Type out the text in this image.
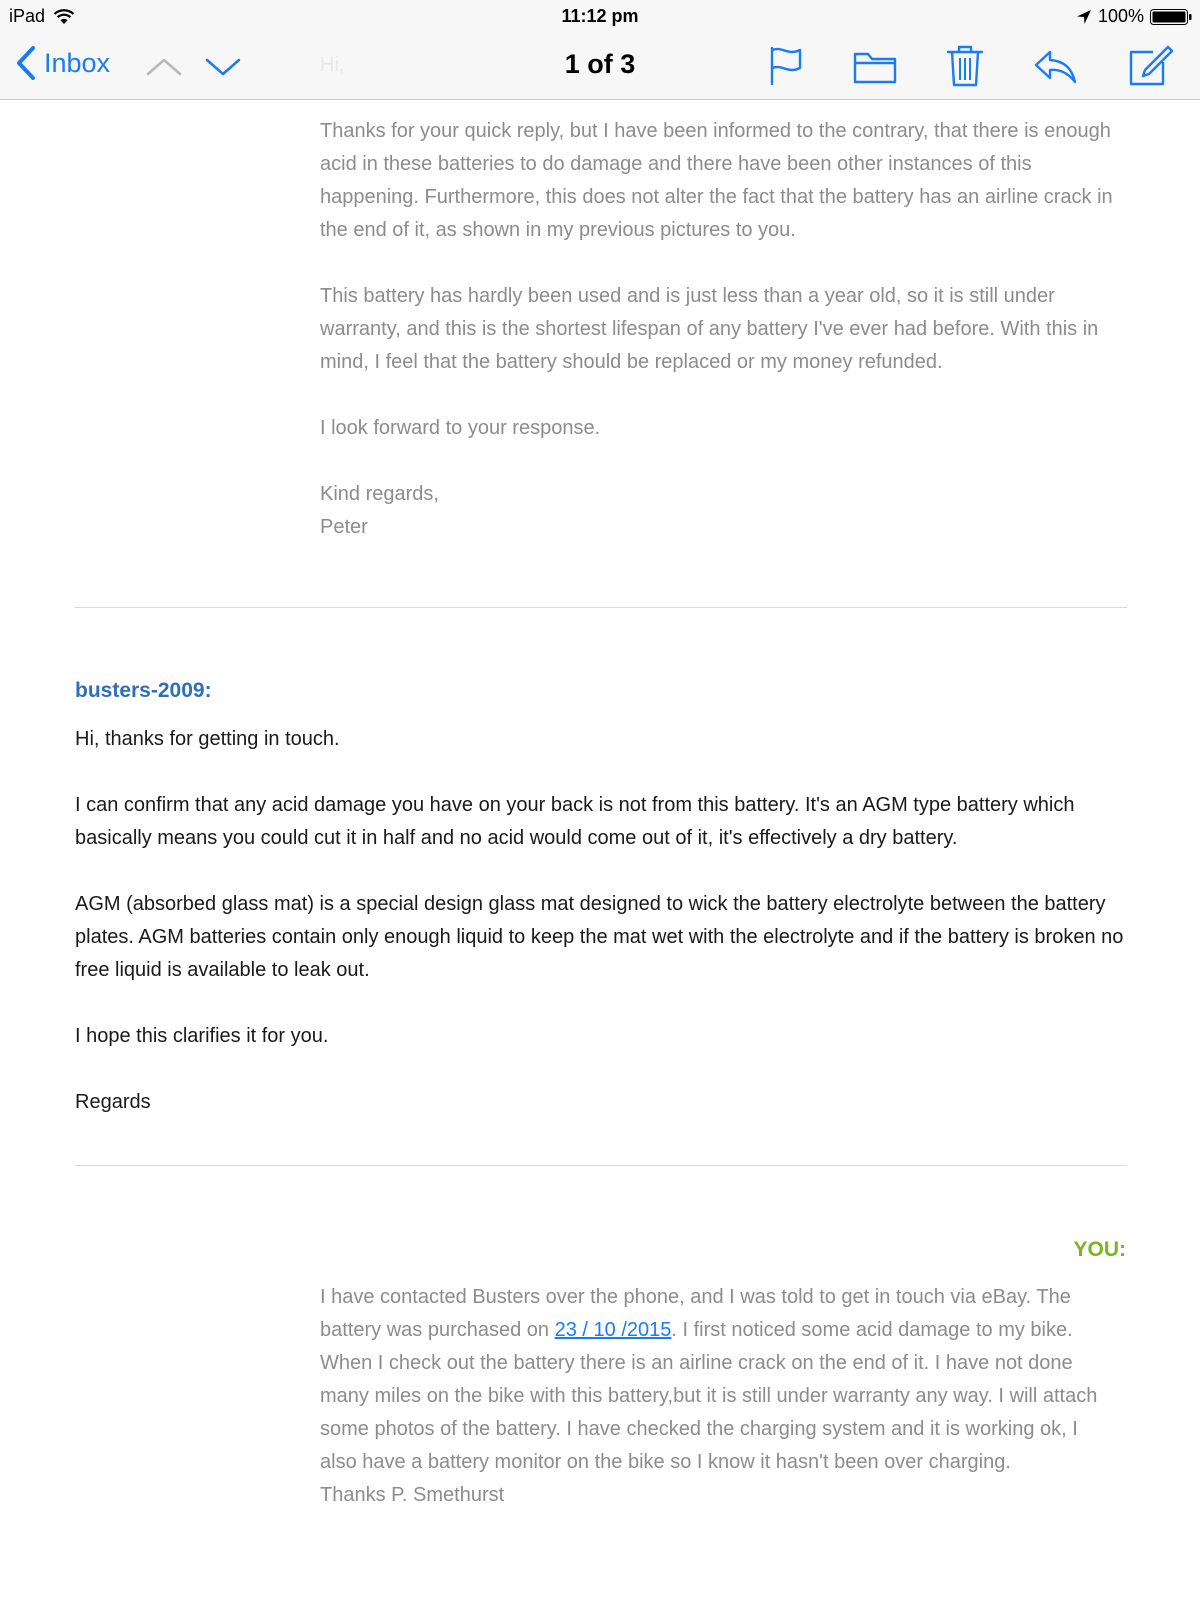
iPad	11:12 pm	100%
Inbox	Hi,	1 of 3

Thanks for your quick reply, but I have been informed to the contrary, that there is enough acid in these batteries to do damage and there have been other instances of this happening. Furthermore, this does not alter the fact that the battery has an airline crack in the end of it, as shown in my previous pictures to you.

This battery has hardly been used and is just less than a year old, so it is still under warranty, and this is the shortest lifespan of any battery I've ever had before. With this in mind, I feel that the battery should be replaced or my money refunded.

I look forward to your response.

Kind regards,

Peter

busters-2009:

Hi, thanks for getting in touch.

I can confirm that any acid damage you have on your back is not from this battery. It's an AGM type battery which basically means you could cut it in half and no acid would come out of it, it's effectively a dry battery.

AGM (absorbed glass mat) is a special design glass mat designed to wick the battery electrolyte between the battery plates. AGM batteries contain only enough liquid to keep the mat wet with the electrolyte and if the battery is broken no free liquid is available to leak out.

I hope this clarifies it for you.

Regards

YOU:

I have contacted Busters over the phone, and I was told to get in touch via eBay. The battery was purchased on 23 / 10 /2015. I first noticed some acid damage to my bike. When I check out the battery there is an airline crack on the end of it. I have not done many miles on the bike with this battery,but it is still under warranty any way. I will attach some photos of the battery. I have checked the charging system and it is working ok, I also have a battery monitor on the bike so I know it hasn't been over charging.

Thanks P. Smethurst
